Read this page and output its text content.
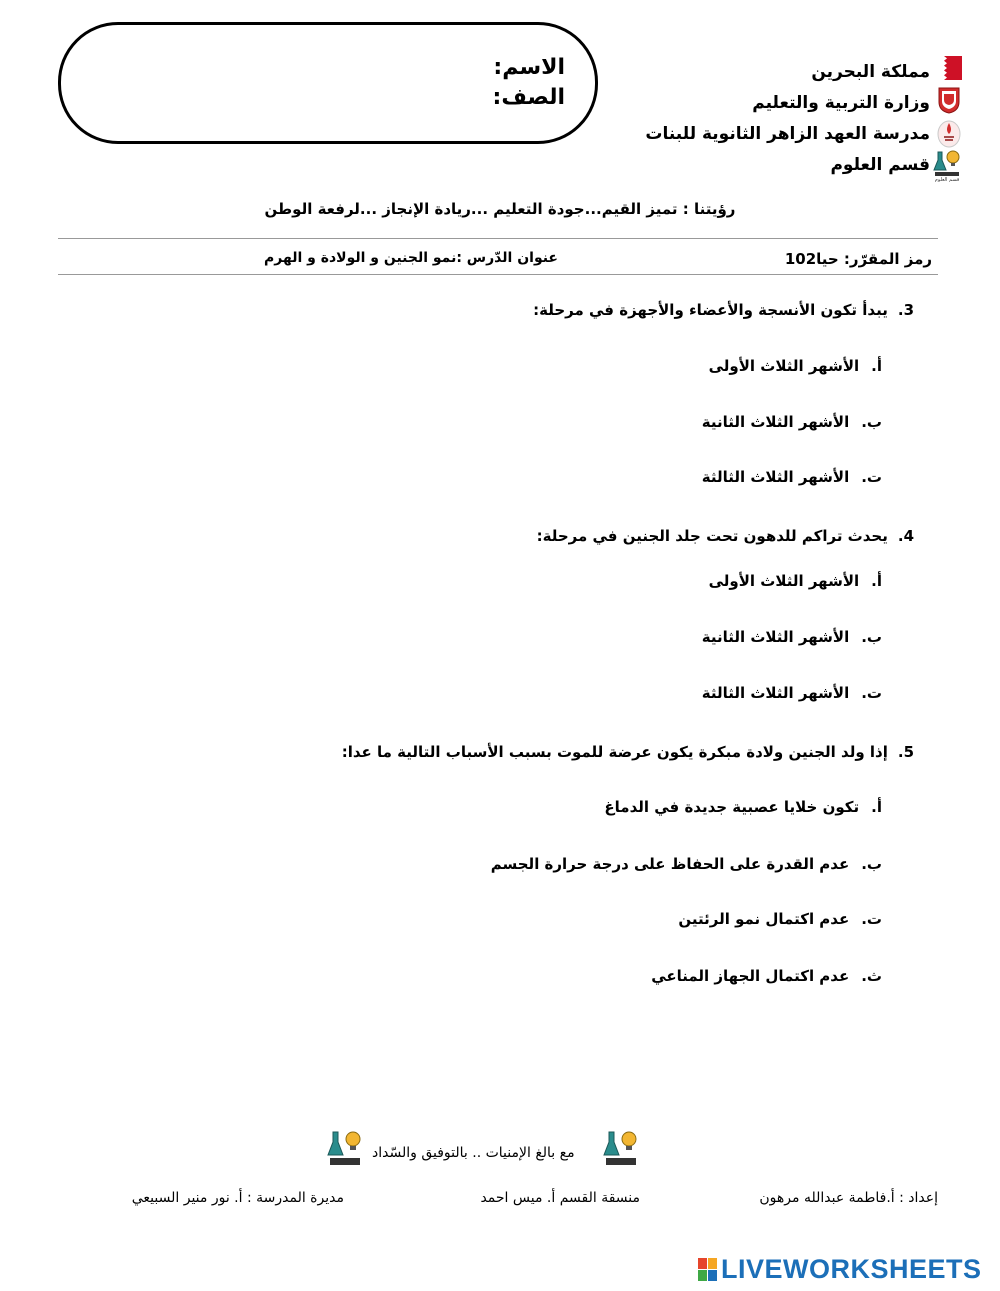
الاسم:
الصف:
مملكة البحرين
وزارة التربية والتعليم
مدرسة العهد الزاهر الثانوية للبنات
قسم العلوم
قسم العلوم
رؤيتنا : تميز القيم...جودة التعليم ...ريادة الإنجاز ...لرفعة الوطن
رمز المقرّر: حيا102
عنوان الدّرس :نمو الجنين و الولادة و الهرم
3.يبدأ تكون الأنسجة والأعضاء والأجهزة في مرحلة:
أ.الأشهر الثلاث الأولى
ب.الأشهر الثلاث الثانية
ت.الأشهر الثلاث الثالثة
4.يحدث تراكم للدهون تحت جلد الجنين في مرحلة:
أ.الأشهر الثلاث الأولى
ب.الأشهر الثلاث الثانية
ت.الأشهر الثلاث الثالثة
5.إذا ولد الجنين ولادة مبكرة يكون عرضة للموت بسبب الأسباب التالية ما عدا:
أ.تكون خلايا عصبية جديدة في الدماغ
ب.عدم القدرة على الحفاظ على درجة حرارة الجسم
ت.عدم اكتمال نمو الرئتين
ث.عدم اكتمال الجهاز المناعي
مع بالغ الإمنيات .. بالتوفيق والسّداد
إعداد : أ.فاطمة عبدالله مرهون
منسقة القسم أ. ميس احمد
مديرة المدرسة : أ. نور منير السبيعي
LIVEWORKSHEETS
